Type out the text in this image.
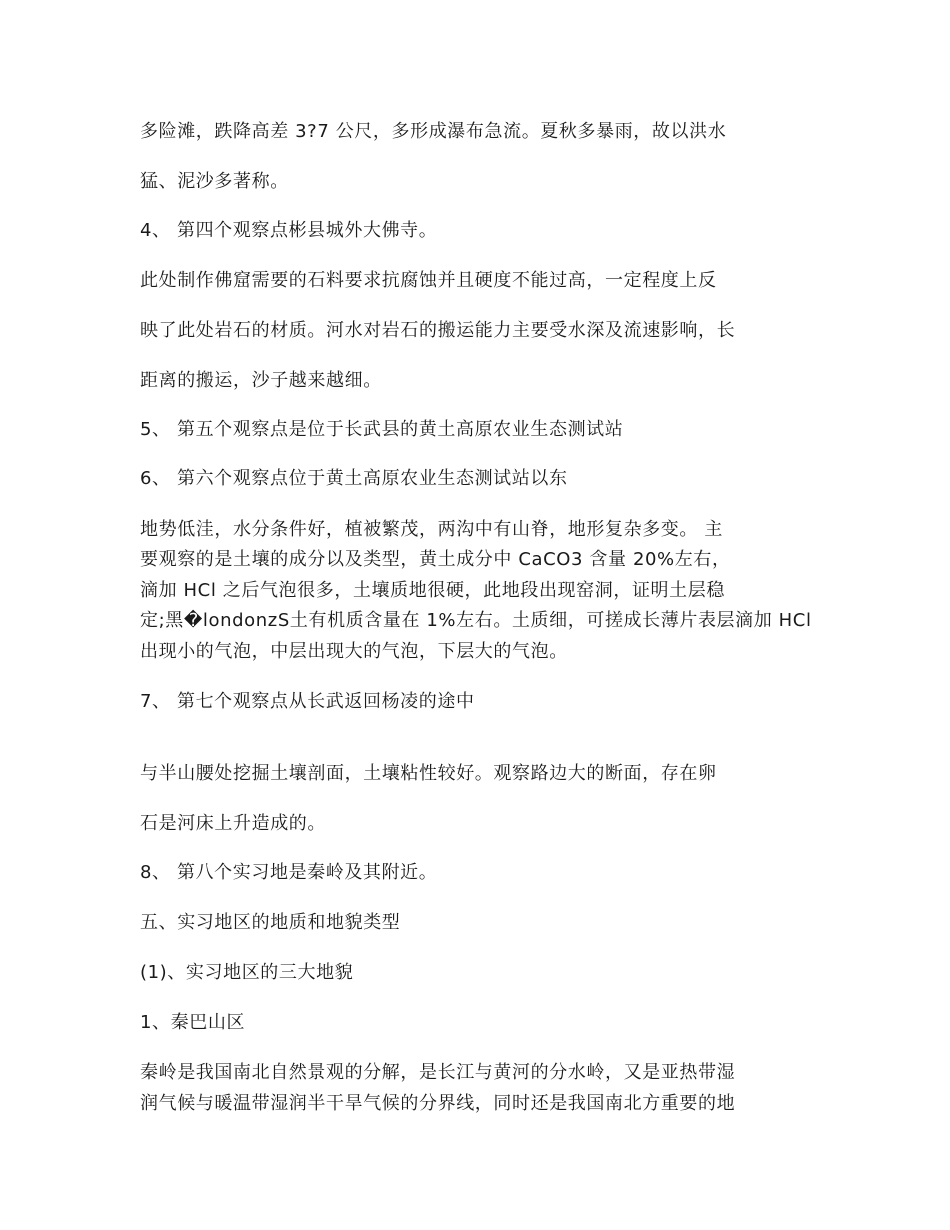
多险滩，跌降高差 3?7 公尺，多形成瀑布急流。夏秋多暴雨，故以洪水
猛、泥沙多著称。
4、 第四个观察点彬县城外大佛寺。
此处制作佛窟需要的石料要求抗腐蚀并且硬度不能过高，一定程度上反
映了此处岩石的材质。河水对岩石的搬运能力主要受水深及流速影响，长
距离的搬运，沙子越来越细。
5、 第五个观察点是位于长武县的黄土高原农业生态测试站
6、 第六个观察点位于黄土高原农业生态测试站以东
地势低洼，水分条件好，植被繁茂，两沟中有山脊，地形复杂多变。 主
要观察的是土壤的成分以及类型，黄土成分中 CaCO3 含量 20%左右，
滴加 HCl 之后气泡很多，土壤质地很硬，此地段出现窑洞，证明土层稳
定;黑�londonzS土有机质含量在 1%左右。土质细，可搓成长薄片表层滴加 HCl
出现小的气泡，中层出现大的气泡，下层大的气泡。
7、 第七个观察点从长武返回杨凌的途中
与半山腰处挖掘土壤剖面，土壤粘性较好。观察路边大的断面，存在卵
石是河床上升造成的。
8、 第八个实习地是秦岭及其附近。
五、实习地区的地质和地貌类型
(1)、实习地区的三大地貌
1、秦巴山区
秦岭是我国南北自然景观的分解，是长江与黄河的分水岭，又是亚热带湿
润气候与暖温带湿润半干旱气候的分界线，同时还是我国南北方重要的地
